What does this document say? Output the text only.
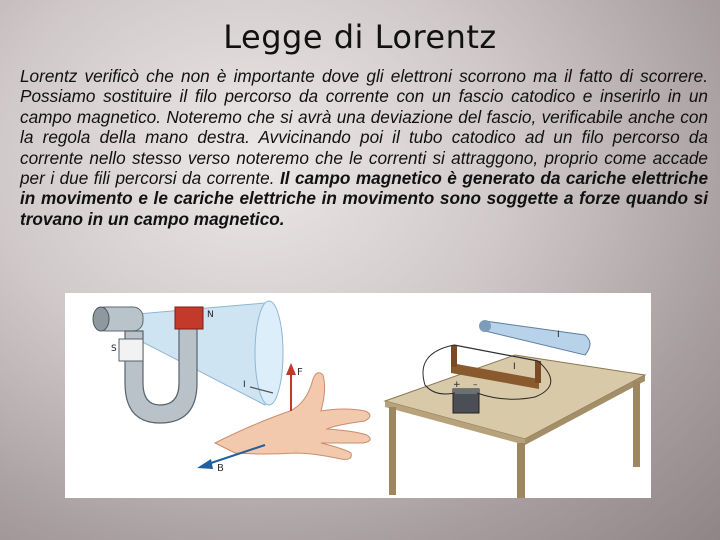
Legge di Lorentz

Lorentz verificò che non è importante dove gli elettroni scorrono ma il fatto di scorrere. Possiamo sostituire il filo percorso da corrente con un fascio catodico e inserirlo in un campo magnetico. Noteremo che si avrà una deviazione del fascio, verificabile anche con la regola della mano destra. Avvicinando poi il tubo catodico ad un filo percorso da corrente nello stesso verso noteremo che le correnti si attraggono, proprio come accade per i due fili percorsi da corrente. Il campo magnetico è generato da cariche elettriche in movimento e le cariche elettriche in movimento sono soggette a forze quando si trovano in un campo magnetico.

N
S
F
I
B
I
I
+ –
